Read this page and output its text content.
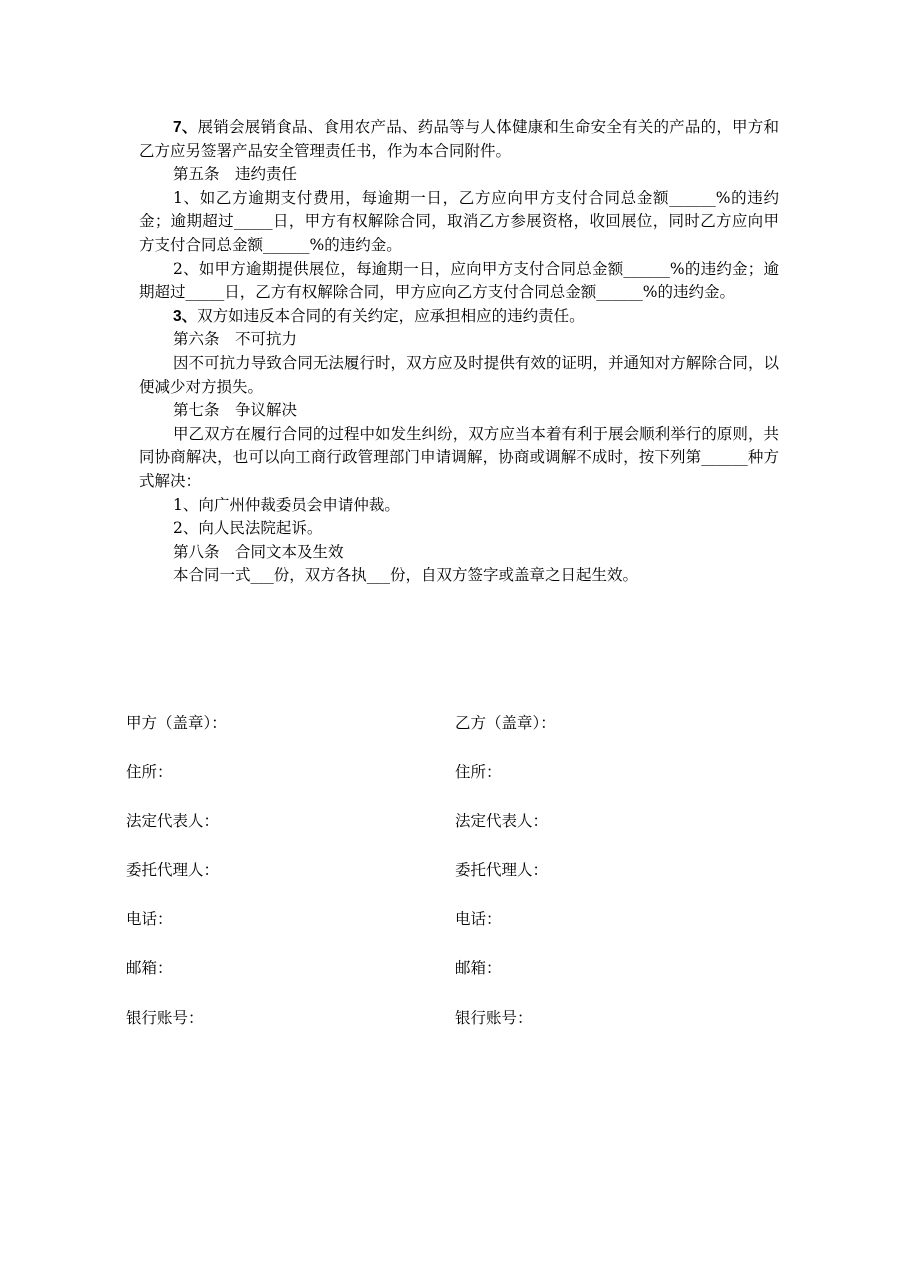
7、展销会展销食品、食用农产品、药品等与人体健康和生命安全有关的产品的，甲方和乙方应另签署产品安全管理责任书，作为本合同附件。

第五条　违约责任

1、如乙方逾期支付费用，每逾期一日，乙方应向甲方支付合同总金额______%的违约金；逾期超过_____日，甲方有权解除合同，取消乙方参展资格，收回展位，同时乙方应向甲方支付合同总金额______%的违约金。

2、如甲方逾期提供展位，每逾期一日，应向甲方支付合同总金额______%的违约金；逾期超过_____日，乙方有权解除合同，甲方应向乙方支付合同总金额______%的违约金。

3、双方如违反本合同的有关约定，应承担相应的违约责任。

第六条　不可抗力

因不可抗力导致合同无法履行时，双方应及时提供有效的证明，并通知对方解除合同，以便减少对方损失。

第七条　争议解决

甲乙双方在履行合同的过程中如发生纠纷，双方应当本着有利于展会顺利举行的原则，共同协商解决，也可以向工商行政管理部门申请调解，协商或调解不成时，按下列第______种方式解决：

1、向广州仲裁委员会申请仲裁。

2、向人民法院起诉。

第八条　合同文本及生效

本合同一式___份，双方各执___份，自双方签字或盖章之日起生效。

甲方（盖章）：
住所：
法定代表人：
委托代理人：
电话：
邮箱：
银行账号：
乙方（盖章）：
住所：
法定代表人：
委托代理人：
电话：
邮箱：
银行账号：
